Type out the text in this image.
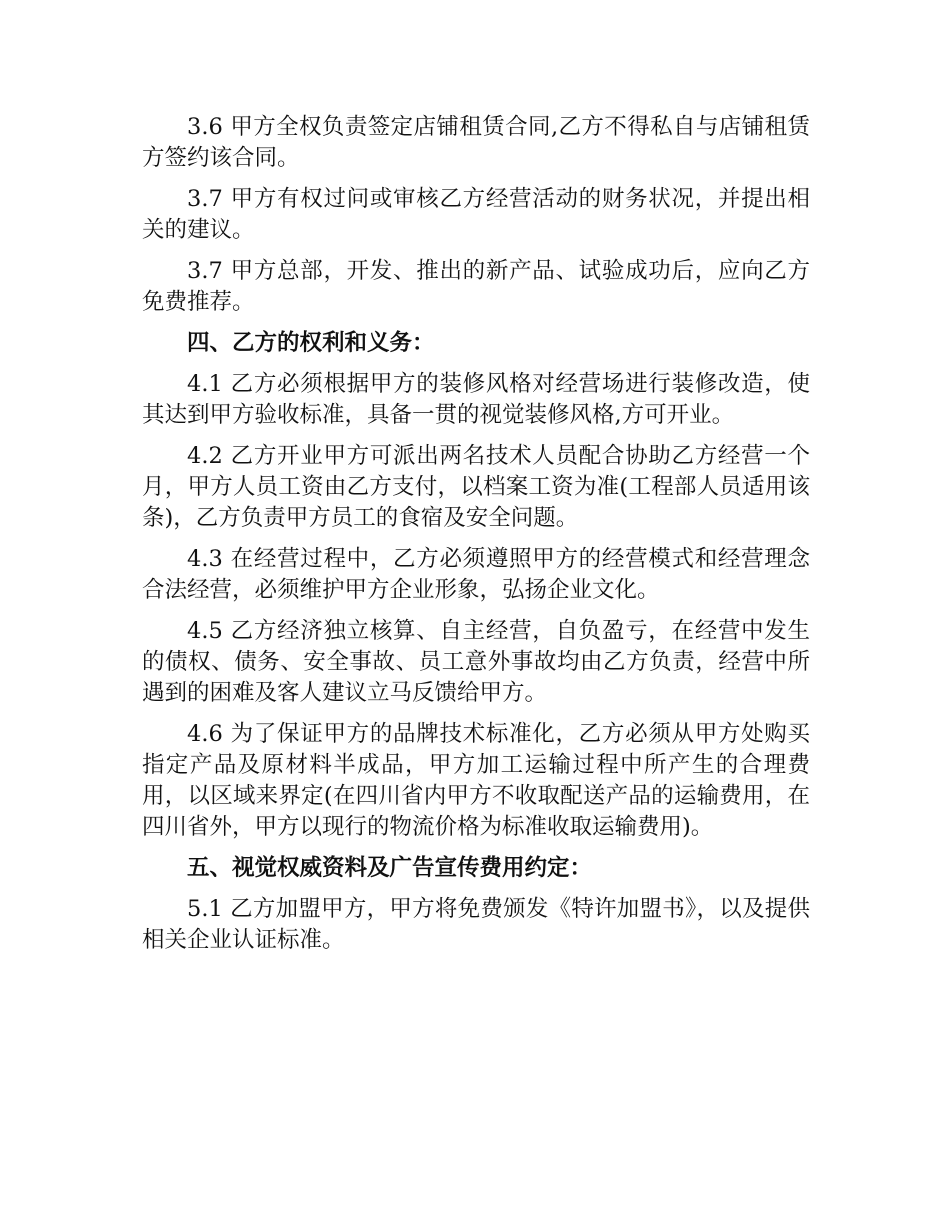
3.6 甲方全权负责签定店铺租赁合同,乙方不得私自与店铺租赁方签约该合同。

3.7 甲方有权过问或审核乙方经营活动的财务状况，并提出相关的建议。

3.7 甲方总部，开发、推出的新产品、试验成功后，应向乙方免费推荐。

四、乙方的权利和义务：

4.1 乙方必须根据甲方的装修风格对经营场进行装修改造，使其达到甲方验收标准，具备一贯的视觉装修风格,方可开业。

4.2 乙方开业甲方可派出两名技术人员配合协助乙方经营一个月，甲方人员工资由乙方支付，以档案工资为准(工程部人员适用该条)，乙方负责甲方员工的食宿及安全问题。

4.3 在经营过程中，乙方必须遵照甲方的经营模式和经营理念合法经营，必须维护甲方企业形象，弘扬企业文化。

4.5 乙方经济独立核算、自主经营，自负盈亏，在经营中发生的债权、债务、安全事故、员工意外事故均由乙方负责，经营中所遇到的困难及客人建议立马反馈给甲方。

4.6 为了保证甲方的品牌技术标准化，乙方必须从甲方处购买指定产品及原材料半成品，甲方加工运输过程中所产生的合理费用，以区域来界定(在四川省内甲方不收取配送产品的运输费用，在四川省外，甲方以现行的物流价格为标准收取运输费用)。

五、视觉权威资料及广告宣传费用约定：

5.1 乙方加盟甲方，甲方将免费颁发《特许加盟书》，以及提供相关企业认证标准。
